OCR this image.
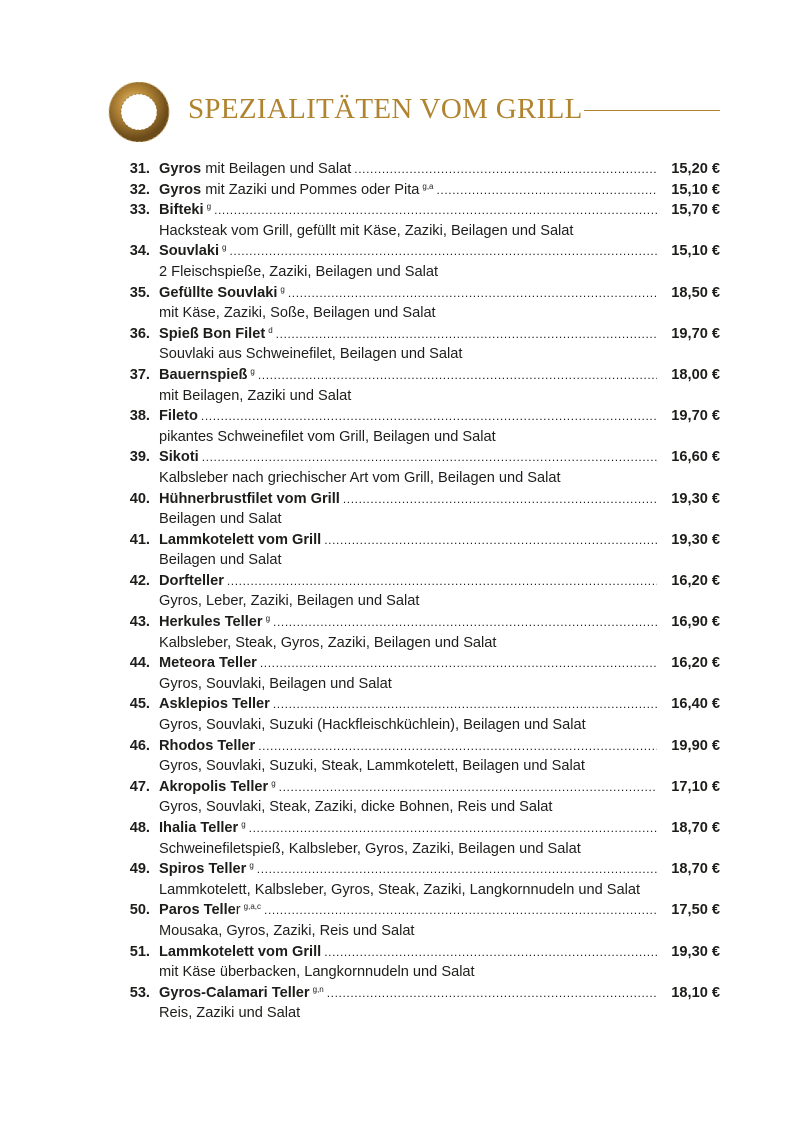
SPEZIALITÄTEN VOM GRILL
31. Gyros mit Beilagen und Salat .....	15,20 €
32. Gyros mit Zaziki und Pommes oder Pita $^{g,a}$ .....	15,10 €
33. Bifteki $^g$ .....	15,70 €
Hacksteak vom Grill, gefüllt mit Käse, Zaziki, Beilagen und Salat
34. Souvlaki $^g$ .....	15,10 €
2 Fleischspieße, Zaziki, Beilagen und Salat
35. Gefüllte Souvlaki $^g$ .....	18,50 €
mit Käse, Zaziki, Soße, Beilagen und Salat
36. Spieß Bon Filet $^d$ .....	19,70 €
Souvlaki aus Schweinefilet, Beilagen und Salat
37. Bauernspieß $^g$ .....	18,00 €
mit Beilagen, Zaziki und Salat
38. Fileto .....	19,70 €
pikantes Schweinefilet vom Grill, Beilagen und Salat
39. Sikoti .....	16,60 €
Kalbsleber nach griechischer Art vom Grill, Beilagen und Salat
40. Hühnerbrustfilet vom Grill .....	19,30 €
Beilagen und Salat
41. Lammkotelett vom Grill .....	19,30 €
Beilagen und Salat
42. Dorfteller .....	16,20 €
Gyros, Leber, Zaziki, Beilagen und Salat
43. Herkules Teller $^g$ .....	16,90 €
Kalbsleber, Steak, Gyros, Zaziki, Beilagen und Salat
44. Meteora Teller .....	16,20 €
Gyros, Souvlaki, Beilagen und Salat
45. Asklepios Teller .....	16,40 €
Gyros, Souvlaki, Suzuki (Hackfleischküchlein), Beilagen und Salat
46. Rhodos Teller .....	19,90 €
Gyros, Souvlaki, Suzuki, Steak, Lammkotelett, Beilagen und Salat
47. Akropolis Teller $^g$ .....	17,10 €
Gyros, Souvlaki, Steak, Zaziki, dicke Bohnen, Reis und Salat
48. Ihalia Teller $^g$ .....	18,70 €
Schweinefiletspieß, Kalbsleber, Gyros, Zaziki, Beilagen und Salat
49. Spiros Teller $^g$ .....	18,70 €
Lammkotelett, Kalbsleber, Gyros, Steak, Zaziki, Langkornnudeln und Salat
50. Paros Teller $^{g,a,c}$ .....	17,50 €
Mousaka, Gyros, Zaziki, Reis und Salat
51. Lammkotelett vom Grill .....	19,30 €
mit Käse überbacken, Langkornnudeln und Salat
53. Gyros-Calamari Teller $^{g,n}$ .....	18,10 €
Reis, Zaziki und Salat
